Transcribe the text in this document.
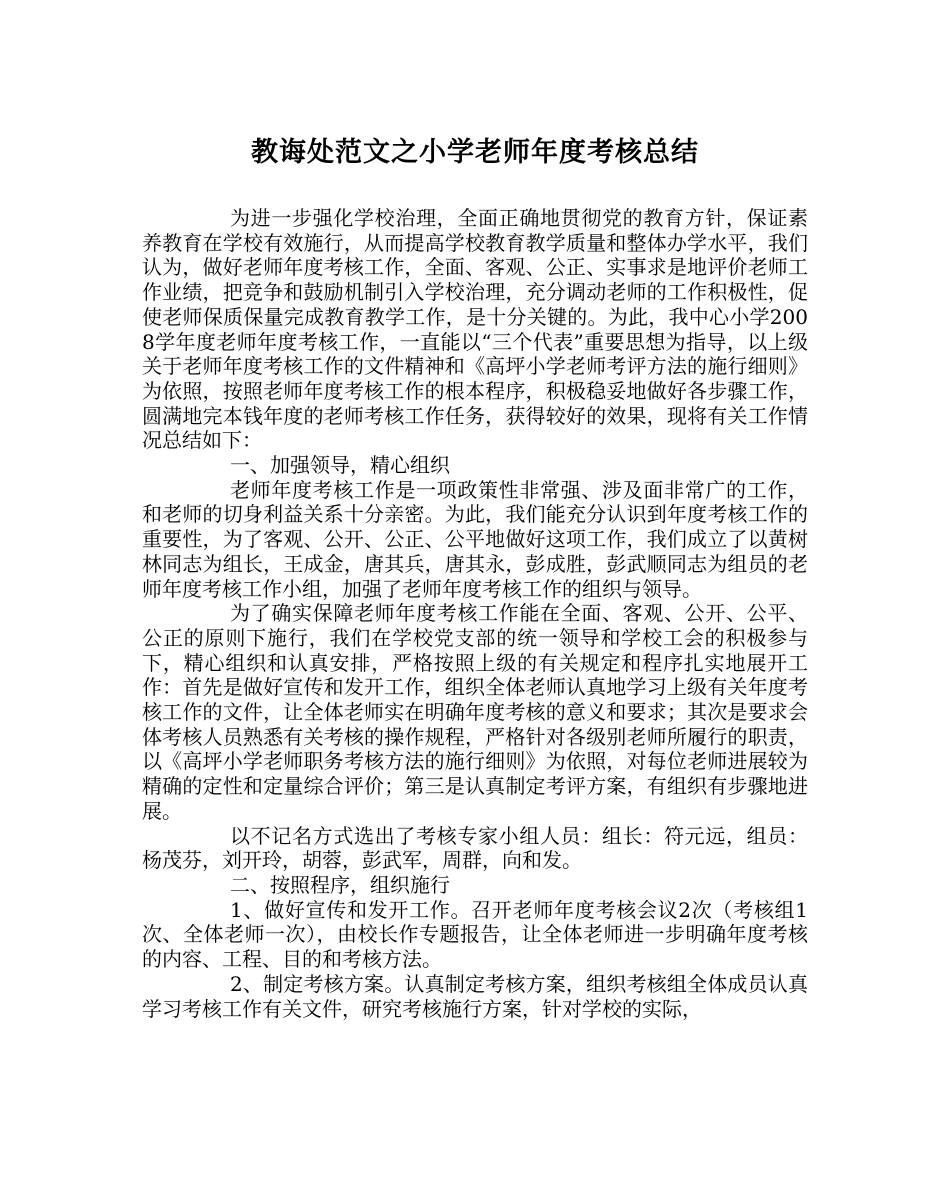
教诲处范文之小学老师年度考核总结

为进一步强化学校治理，全面正确地贯彻党的教育方针，保证素养教育在学校有效施行，从而提高学校教育教学质量和整体办学水平，我们认为，做好老师年度考核工作，全面、客观、公正、实事求是地评价老师工作业绩，把竞争和鼓励机制引入学校治理，充分调动老师的工作积极性，促使老师保质保量完成教育教学工作，是十分关键的。为此，我中心小学2008学年度老师年度考核工作，一直能以“三个代表”重要思想为指导，以上级关于老师年度考核工作的文件精神和《高坪小学老师考评方法的施行细则》为依照，按照老师年度考核工作的根本程序，积极稳妥地做好各步骤工作，圆满地完本钱年度的老师考核工作任务，获得较好的效果，现将有关工作情况总结如下：

一、加强领导，精心组织

老师年度考核工作是一项政策性非常强、涉及面非常广的工作，和老师的切身利益关系十分亲密。为此，我们能充分认识到年度考核工作的重要性，为了客观、公开、公正、公平地做好这项工作，我们成立了以黄树林同志为组长，王成金，唐其兵，唐其永，彭成胜，彭武顺同志为组员的老师年度考核工作小组，加强了老师年度考核工作的组织与领导。

为了确实保障老师年度考核工作能在全面、客观、公开、公平、公正的原则下施行，我们在学校党支部的统一领导和学校工会的积极参与下，精心组织和认真安排，严格按照上级的有关规定和程序扎实地展开工作：首先是做好宣传和发开工作，组织全体老师认真地学习上级有关年度考核工作的文件，让全体老师实在明确年度考核的意义和要求；其次是要求会体考核人员熟悉有关考核的操作规程，严格针对各级别老师所履行的职责，以《高坪小学老师职务考核方法的施行细则》为依照，对每位老师进展较为精确的定性和定量综合评价；第三是认真制定考评方案，有组织有步骤地进展。

以不记名方式选出了考核专家小组人员：组长：符元远，组员：杨茂芬，刘开玲，胡蓉，彭武军，周群，向和发。

二、按照程序，组织施行

1、做好宣传和发开工作。召开老师年度考核会议2次（考核组1次、全体老师一次），由校长作专题报告，让全体老师进一步明确年度考核的内容、工程、目的和考核方法。

2、制定考核方案。认真制定考核方案，组织考核组全体成员认真学习考核工作有关文件，研究考核施行方案，针对学校的实际，
